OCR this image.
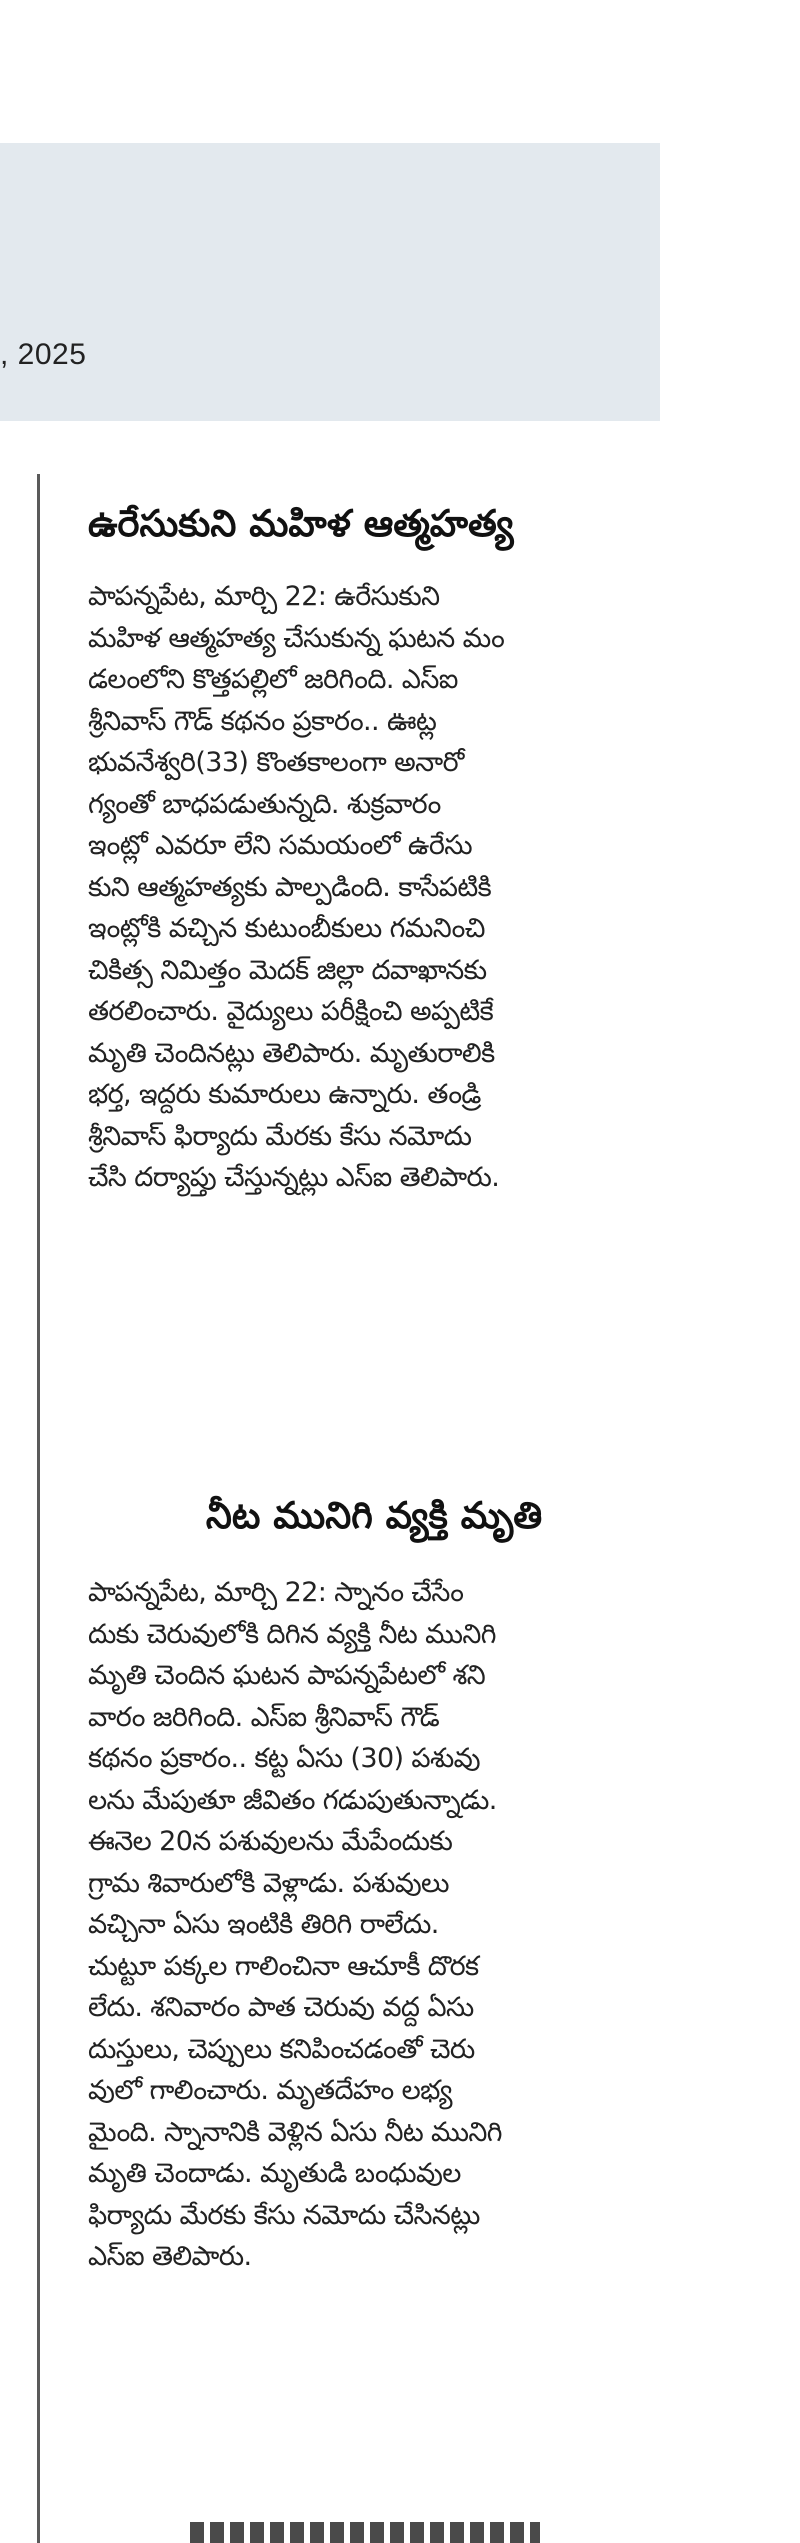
, 2025
ఉరేసుకుని మహిళ ఆత్మహత్య
పాపన్నపేట, మార్చి 22: ఉరేసుకుని
మహిళ ఆత్మహత్య చేసుకున్న ఘటన మం
డలంలోని కొత్తపల్లిలో జరిగింది. ఎస్ఐ
శ్రీనివాస్ గౌడ్ కథనం ప్రకారం.. ఊట్ల
భువనేశ్వరి(33) కొంతకాలంగా అనారో
గ్యంతో బాధపడుతున్నది. శుక్రవారం
ఇంట్లో ఎవరూ లేని సమయంలో ఉరేసు
కుని ఆత్మహత్యకు పాల్పడింది. కాసేపటికి
ఇంట్లోకి వచ్చిన కుటుంబీకులు గమనించి
చికిత్స నిమిత్తం మెదక్ జిల్లా దవాఖానకు
తరలించారు. వైద్యులు పరీక్షించి అప్పటికే
మృతి చెందినట్లు తెలిపారు. మృతురాలికి
భర్త, ఇద్దరు కుమారులు ఉన్నారు. తండ్రి
శ్రీనివాస్ ఫిర్యాదు మేరకు కేసు నమోదు
చేసి దర్యాప్తు చేస్తున్నట్లు ఎస్ఐ తెలిపారు.
నీట మునిగి వ్యక్తి మృతి
పాపన్నపేట, మార్చి 22: స్నానం చేసేం
దుకు చెరువులోకి దిగిన వ్యక్తి నీట మునిగి
మృతి చెందిన ఘటన పాపన్నపేటలో శని
వారం జరిగింది. ఎస్ఐ శ్రీనివాస్ గౌడ్
కథనం ప్రకారం.. కట్ట ఏసు (30) పశువు
లను మేపుతూ జీవితం గడుపుతున్నాడు.
ఈనెల 20న పశువులను మేపేందుకు
గ్రామ శివారులోకి వెళ్లాడు. పశువులు
వచ్చినా ఏసు ఇంటికి తిరిగి రాలేదు.
చుట్టూ పక్కల గాలించినా ఆచూకీ దొరక
లేదు. శనివారం పాత చెరువు వద్ద ఏసు
దుస్తులు, చెప్పులు కనిపించడంతో చెరు
వులో గాలించారు. మృతదేహం లభ్య
మైంది. స్నానానికి వెళ్లిన ఏసు నీట మునిగి
మృతి చెందాడు. మృతుడి బంధువుల
ఫిర్యాదు మేరకు కేసు నమోదు చేసినట్లు
ఎస్ఐ తెలిపారు.
